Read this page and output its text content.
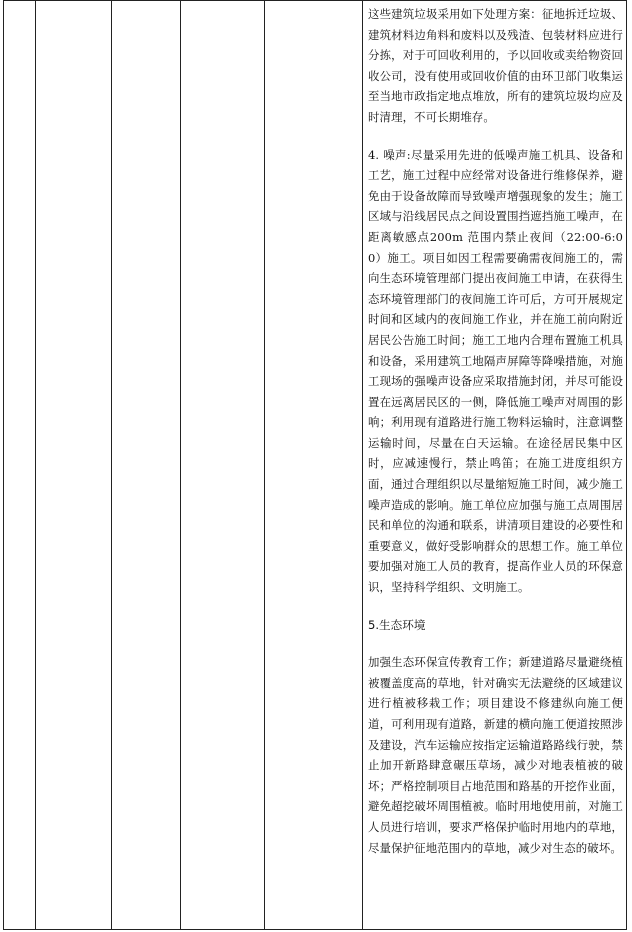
这些建筑垃圾采用如下处理方案：征地拆迁垃圾、建筑材料边角料和废料以及残渣、包装材料应进行分拣，对于可回收利用的，予以回收或卖给物资回收公司，没有使用或回收价值的由环卫部门收集运至当地市政指定地点堆放，所有的建筑垃圾均应及时清理，不可长期堆存。

4. 噪声:尽量采用先进的低噪声施工机具、设备和工艺，施工过程中应经常对设备进行维修保养，避免由于设备故障而导致噪声增强现象的发生；施工区域与沿线居民点之间设置围挡遮挡施工噪声，在距离敏感点200m 范围内禁止夜间（22:00-6:00）施工。项目如因工程需要确需夜间施工的，需向生态环境管理部门提出夜间施工申请，在获得生态环境管理部门的夜间施工许可后，方可开展规定时间和区域内的夜间施工作业，并在施工前向附近居民公告施工时间；施工工地内合理布置施工机具和设备，采用建筑工地隔声屏障等降噪措施，对施工现场的强噪声设备应采取措施封闭，并尽可能设置在远离居民区的一侧，降低施工噪声对周围的影响；利用现有道路进行施工物料运输时，注意调整运输时间，尽量在白天运输。在途径居民集中区时，应减速慢行，禁止鸣笛；在施工进度组织方面，通过合理组织以尽量缩短施工时间，减少施工噪声造成的影响。施工单位应加强与施工点周围居民和单位的沟通和联系，讲清项目建设的必要性和重要意义，做好受影响群众的思想工作。施工单位要加强对施工人员的教育，提高作业人员的环保意识，坚持科学组织、文明施工。

5.生态环境

加强生态环保宣传教育工作；新建道路尽量避绕植被覆盖度高的草地，针对确实无法避绕的区域建议进行植被移栽工作；项目建设不修建纵向施工便道，可利用现有道路，新建的横向施工便道按照涉及建设，汽车运输应按指定运输道路路线行驶，禁止加开新路肆意碾压草场，减少对地表植被的破坏；严格控制项目占地范围和路基的开挖作业面，避免超挖破坏周围植被。临时用地使用前，对施工人员进行培训，要求严格保护临时用地内的草地，尽量保护征地范围内的草地，减少对生态的破坏。
